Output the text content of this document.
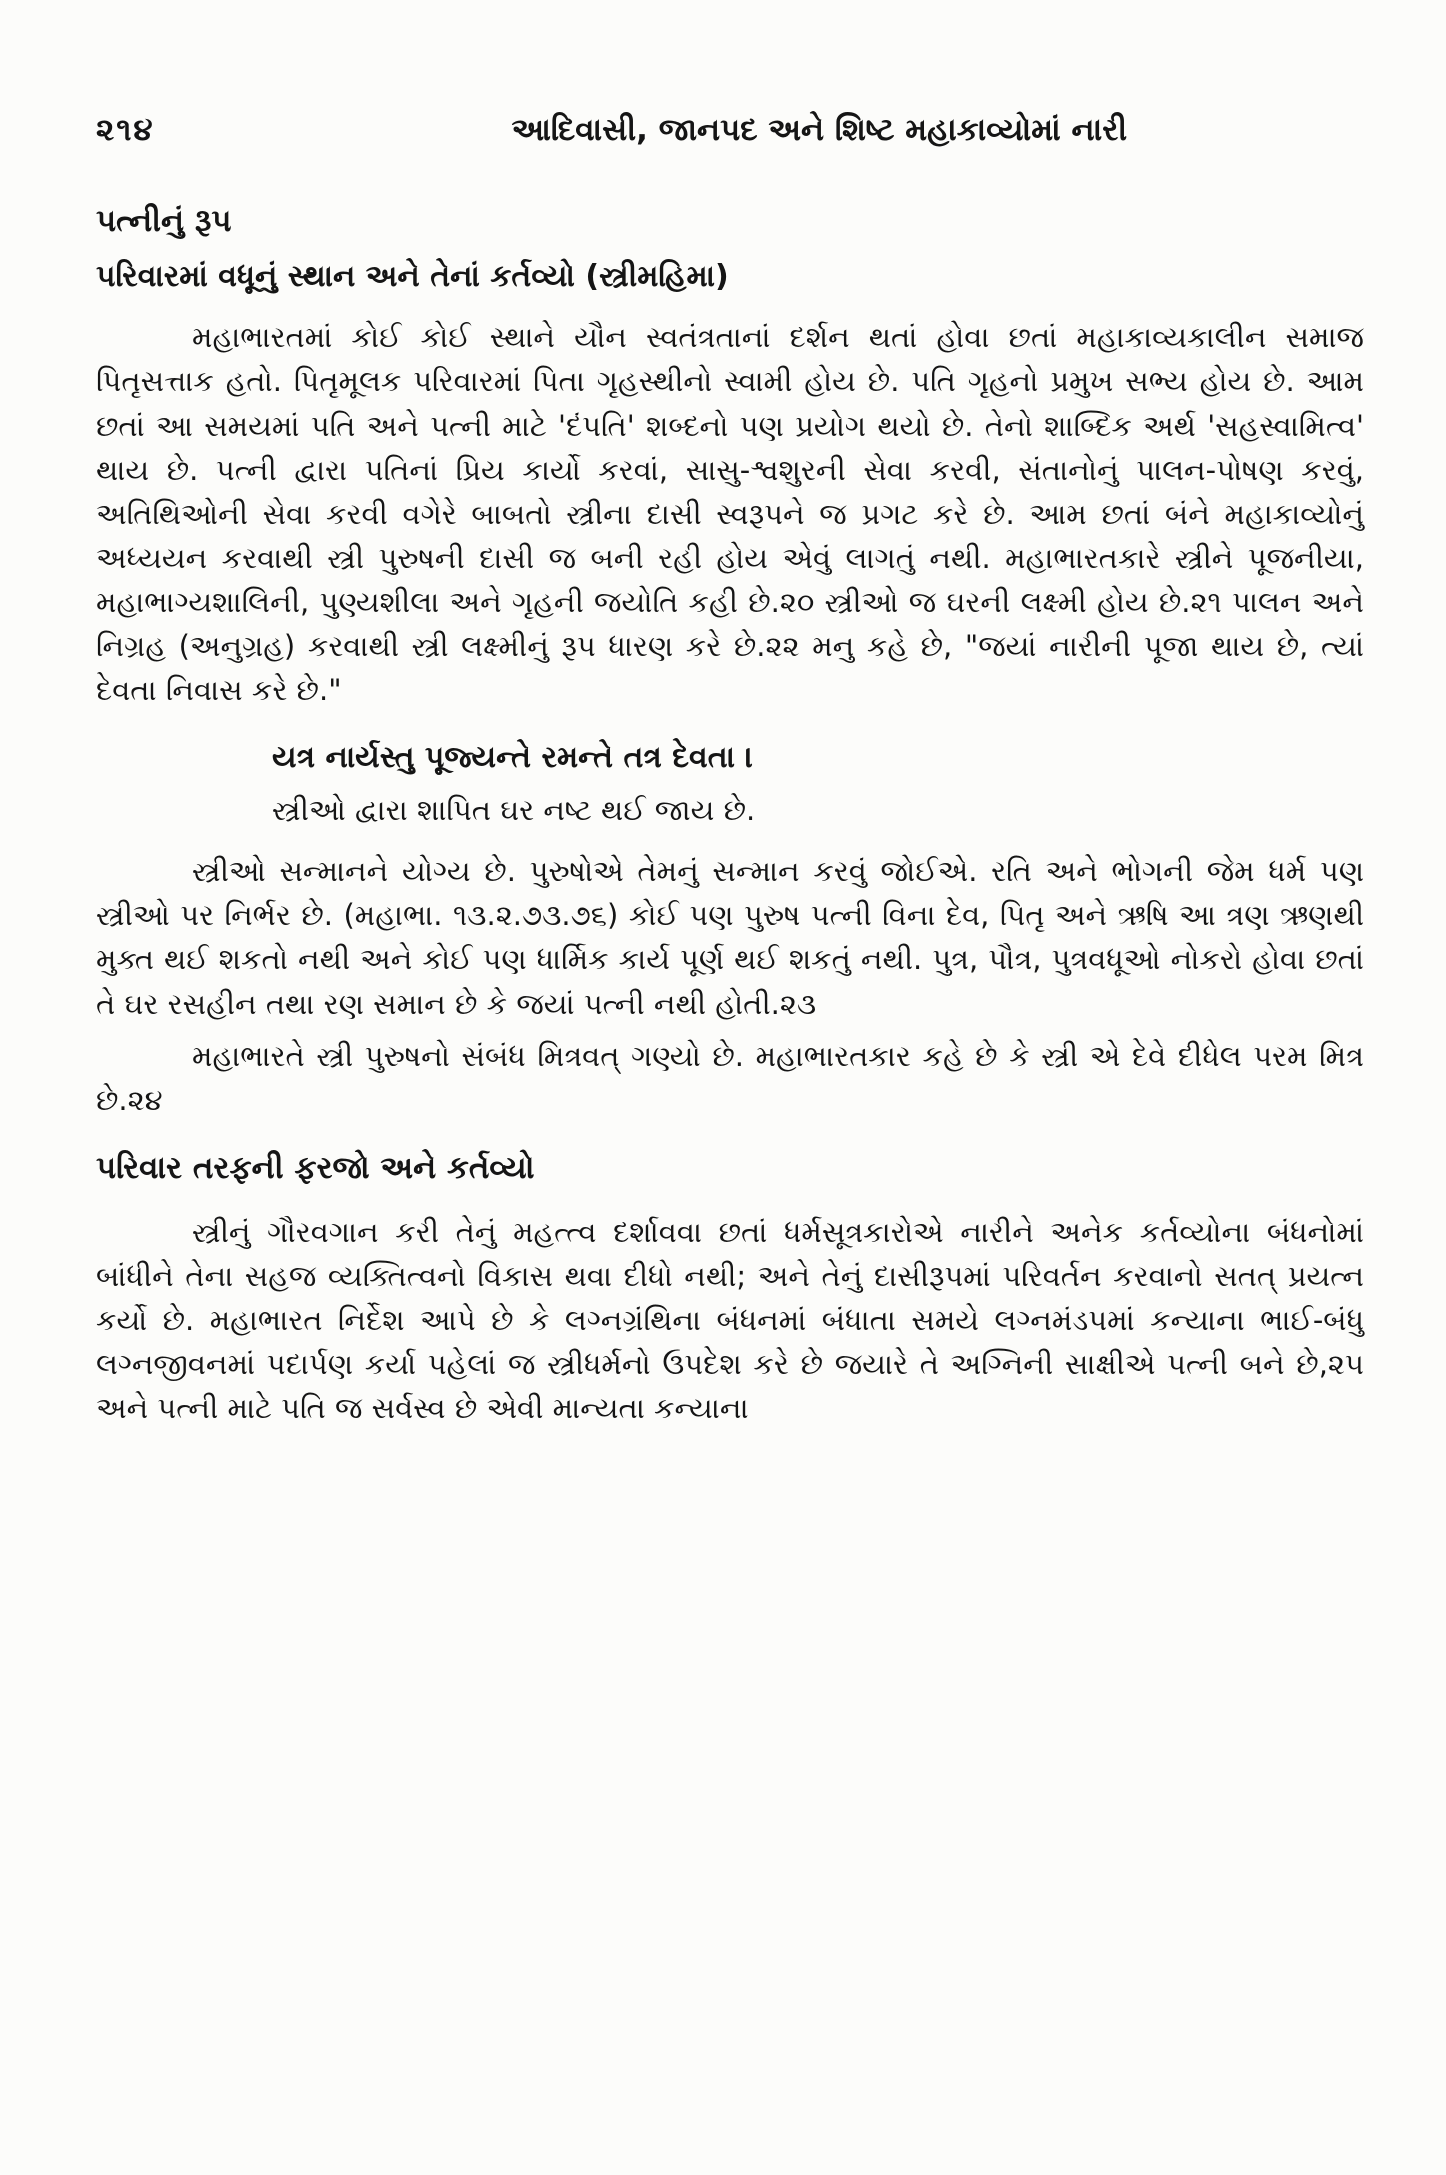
૨૧૪	આદિવાસી, જાનપદ અને શિષ્ટ મહાકાવ્યોમાં નારી
પત્નીનું રૂપ
પરિવારમાં વધૂનું સ્થાન અને તેનાં કર્તવ્યો (સ્ત્રીમહિમા)

મહાભારતમાં કોઈ કોઈ સ્થાને યૌન સ્વતંત્રતાનાં દર્શન થતાં હોવા છતાં મહાકાવ્યકાલીન સમાજ પિતૃસત્તાક હતો. પિતૃમૂલક પરિવારમાં પિતા ગૃહસ્થીનો સ્વામી હોય છે. પતિ ગૃહનો પ્રમુખ સભ્ય હોય છે. આમ છતાં આ સમયમાં પતિ અને પત્ની માટે 'દંપતિ' શબ્દનો પણ પ્રયોગ થયો છે. તેનો શાબ્દિક અર્થ 'સહસ્વામિત્વ' થાય છે. પત્ની દ્વારા પતિનાં પ્રિય કાર્યો કરવાં, સાસુ-શ્વશુરની સેવા કરવી, સંતાનોનું પાલન-પોષણ કરવું, અતિથિઓની સેવા કરવી વગેરે બાબતો સ્ત્રીના દાસી સ્વરૂપને જ પ્રગટ કરે છે. આમ છતાં બંને મહાકાવ્યોનું અધ્યયન કરવાથી સ્ત્રી પુરુષની દાસી જ બની રહી હોય એવું લાગતું નથી. મહાભારતકારે સ્ત્રીને પૂજનીયા, મહાભાગ્યશાલિની, પુણ્યશીલા અને ગૃહની જયોતિ કહી છે.૨૦ સ્ત્રીઓ જ ઘરની લક્ષ્મી હોય છે.૨૧ પાલન અને નિગ્રહ (અનુગ્રહ) કરવાથી સ્ત્રી લક્ષ્મીનું રૂપ ધારણ કરે છે.૨૨ મનુ કહે છે, "જયાં નારીની પૂજા થાય છે, ત્યાં દેવતા નિવાસ કરે છે."

યત્ર નાર્યસ્તુ પૂજ્યન્તે રમન્તે તત્ર દેવતા ।
સ્ત્રીઓ દ્વારા શાપિત ઘર નષ્ટ થઈ જાય છે.

સ્ત્રીઓ સન્માનને યોગ્ય છે. પુરુષોએ તેમનું સન્માન કરવું જોઈએ. રતિ અને ભોગની જેમ ધર્મ પણ સ્ત્રીઓ પર નિર્ભર છે. (મહાભા. ૧૩.૨.૭૩.૭૬) કોઈ પણ પુરુષ પત્ની વિના દેવ, પિતૃ અને ઋષિ આ ત્રણ ઋણથી મુક્ત થઈ શકતો નથી અને કોઈ પણ ધાર્મિક કાર્ય પૂર્ણ થઈ શકતું નથી. પુત્ર, પૌત્ર, પુત્રવધૂઓ નોકરો હોવા છતાં તે ઘર રસહીન તથા રણ સમાન છે કે જયાં પત્ની નથી હોતી.૨૩

મહાભારતે સ્ત્રી પુરુષનો સંબંધ મિત્રવત્ ગણ્યો છે. મહાભારતકાર કહે છે કે સ્ત્રી એ દેવે દીધેલ પરમ મિત્ર છે.૨૪

પરિવાર તરફની ફરજો અને કર્તવ્યો

સ્ત્રીનું ગૌરવગાન કરી તેનું મહત્ત્વ દર્શાવવા છતાં ધર્મસૂત્રકારોએ નારીને અનેક કર્તવ્યોના બંધનોમાં બાંધીને તેના સહજ વ્યક્તિત્વનો વિકાસ થવા દીધો નથી; અને તેનું દાસીરૂપમાં પરિવર્તન કરવાનો સતત્ પ્રયત્ન કર્યો છે. મહાભારત નિર્દેશ આપે છે કે લગ્નગ્રંથિના બંધનમાં બંધાતા સમયે લગ્નમંડપમાં કન્યાના ભાઈ-બંધુ લગ્નજીવનમાં પદાર્પણ કર્યા પહેલાં જ સ્ત્રીધર્મનો ઉપદેશ કરે છે જયારે તે અગ્નિની સાક્ષીએ પત્ની બને છે,૨૫ અને પત્ની માટે પતિ જ સર્વસ્વ છે એવી માન્યતા કન્યાના
